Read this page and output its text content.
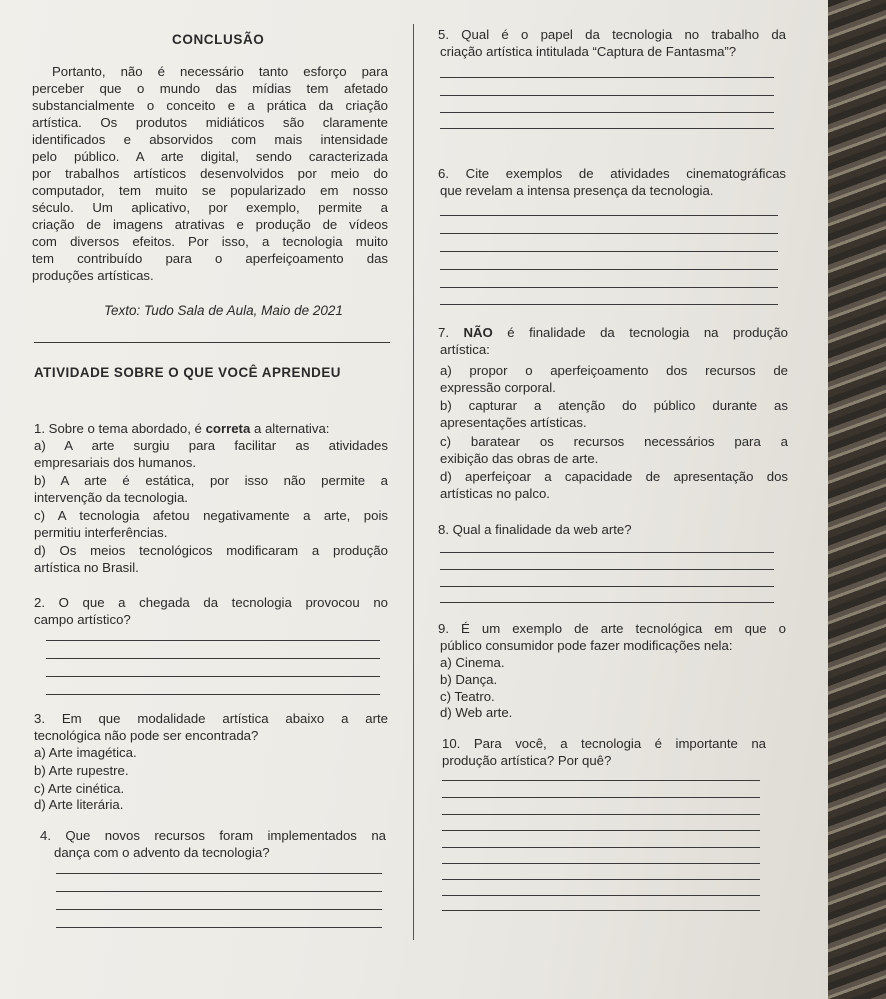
CONCLUSÃO
Portanto, não é necessário tanto esforço para
perceber que o mundo das mídias tem afetado
substancialmente o conceito e a prática da criação
artística. Os produtos midiáticos são claramente
identificados e absorvidos com mais intensidade
pelo público. A arte digital, sendo caracterizada
por trabalhos artísticos desenvolvidos por meio do
computador, tem muito se popularizado em nosso
século. Um aplicativo, por exemplo, permite a
criação de imagens atrativas e produção de vídeos
com diversos efeitos. Por isso, a tecnologia muito
tem contribuído para o aperfeiçoamento das
produções artísticas.
Texto: Tudo Sala de Aula, Maio de 2021
ATIVIDADE SOBRE O QUE VOCÊ APRENDEU
1. Sobre o tema abordado, é correta a alternativa:
a) A arte surgiu para facilitar as atividades
empresariais dos humanos.
b) A arte é estática, por isso não permite a
intervenção da tecnologia.
c) A tecnologia afetou negativamente a arte, pois
permitiu interferências.
d) Os meios tecnológicos modificaram a produção
artística no Brasil.
2. O que a chegada da tecnologia provocou no
campo artístico?
3. Em que modalidade artística abaixo a arte
tecnológica não pode ser encontrada?
a) Arte imagética.
b) Arte rupestre.
c) Arte cinética.
d) Arte literária.
4. Que novos recursos foram implementados na
dança com o advento da tecnologia?
5. Qual é o papel da tecnologia no trabalho da
criação artística intitulada “Captura de Fantasma”?
6. Cite exemplos de atividades cinematográficas
que revelam a intensa presença da tecnologia.
7. NÃO é finalidade da tecnologia na produção
artística:
a) propor o aperfeiçoamento dos recursos de
expressão corporal.
b) capturar a atenção do público durante as
apresentações artísticas.
c) baratear os recursos necessários para a
exibição das obras de arte.
d) aperfeiçoar a capacidade de apresentação dos
artísticas no palco.
8. Qual a finalidade da web arte?
9. É um exemplo de arte tecnológica em que o
público consumidor pode fazer modificações nela:
a) Cinema.
b) Dança.
c) Teatro.
d) Web arte.
10. Para você, a tecnologia é importante na
produção artística? Por quê?
